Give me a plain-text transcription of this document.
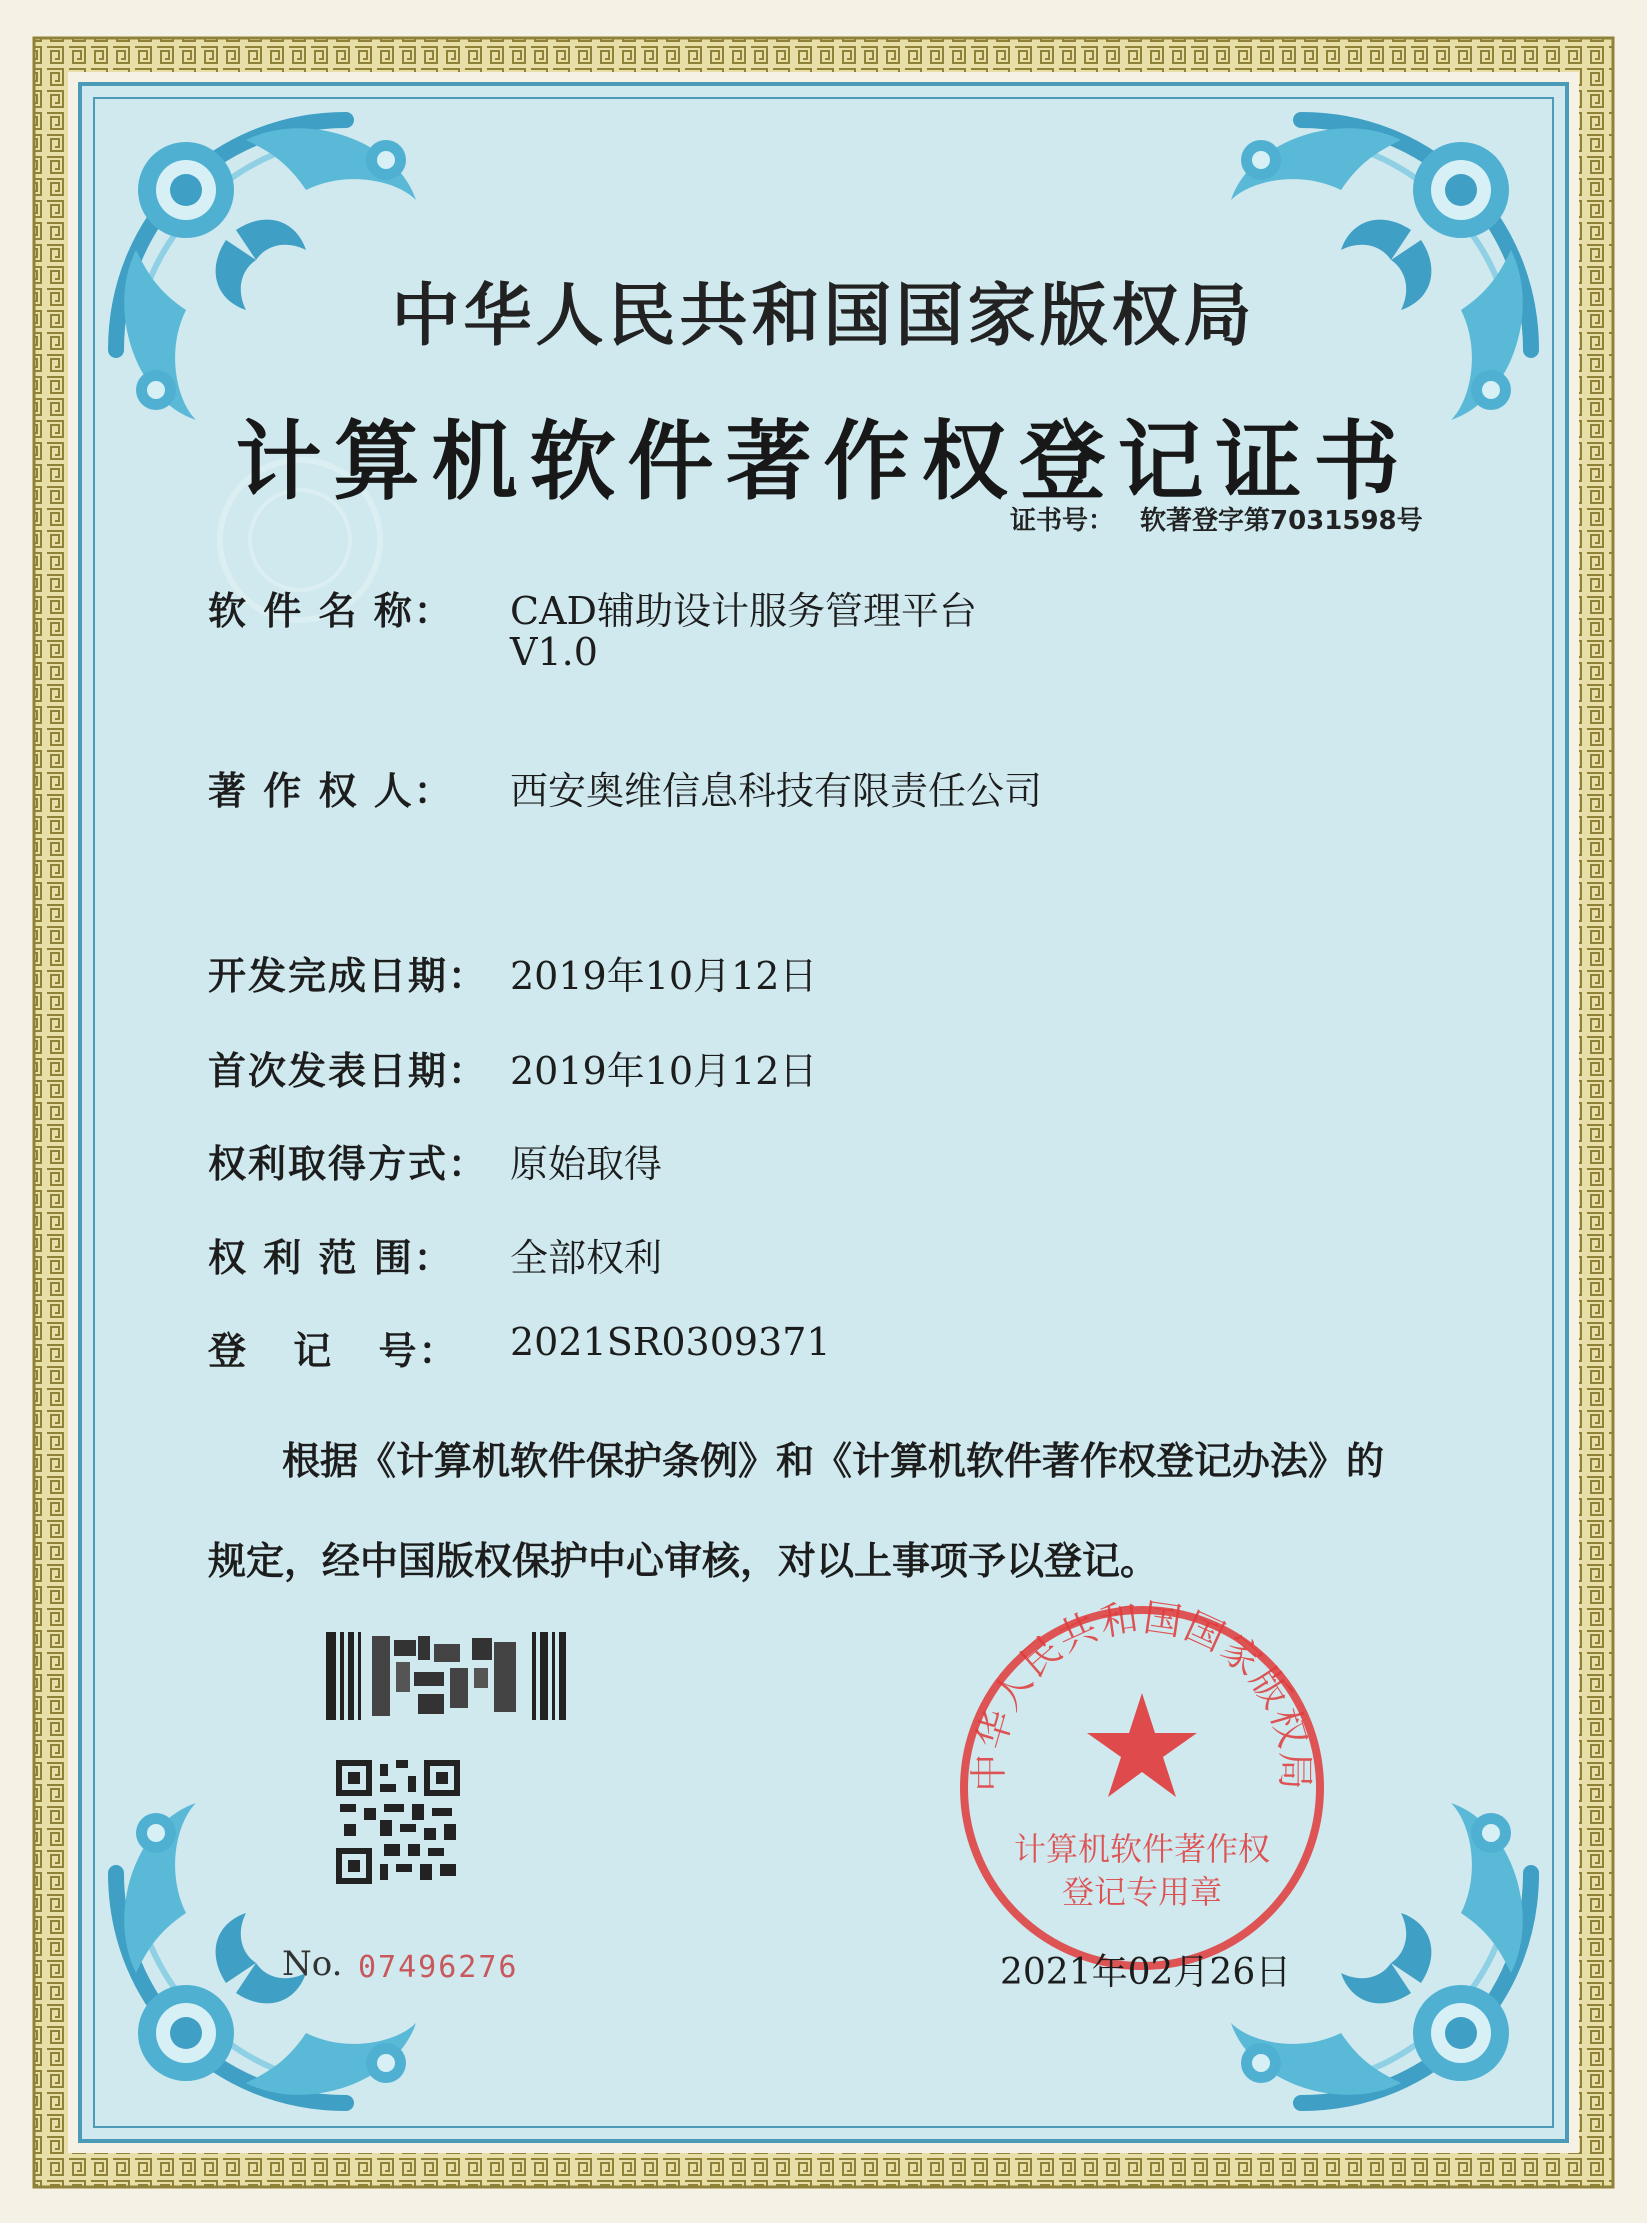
中华人民共和国国家版权局
计算机软件著作权登记证书
证书号： 软著登字第7031598号
软 件 名 称： CAD辅助设计服务管理平台
V1.0
著 作 权 人： 西安奥维信息科技有限责任公司
开发完成日期： 2019年10月12日
首次发表日期： 2019年10月12日
权利取得方式： 原始取得
权 利 范 围： 全部权利
登 记 号： 2021SR0309371
根据《计算机软件保护条例》和《计算机软件著作权登记办法》的
规定，经中国版权保护中心审核，对以上事项予以登记。
No. 07496276
中华人民共和国国家版权局
计算机软件著作权
登记专用章
2021年02月26日
